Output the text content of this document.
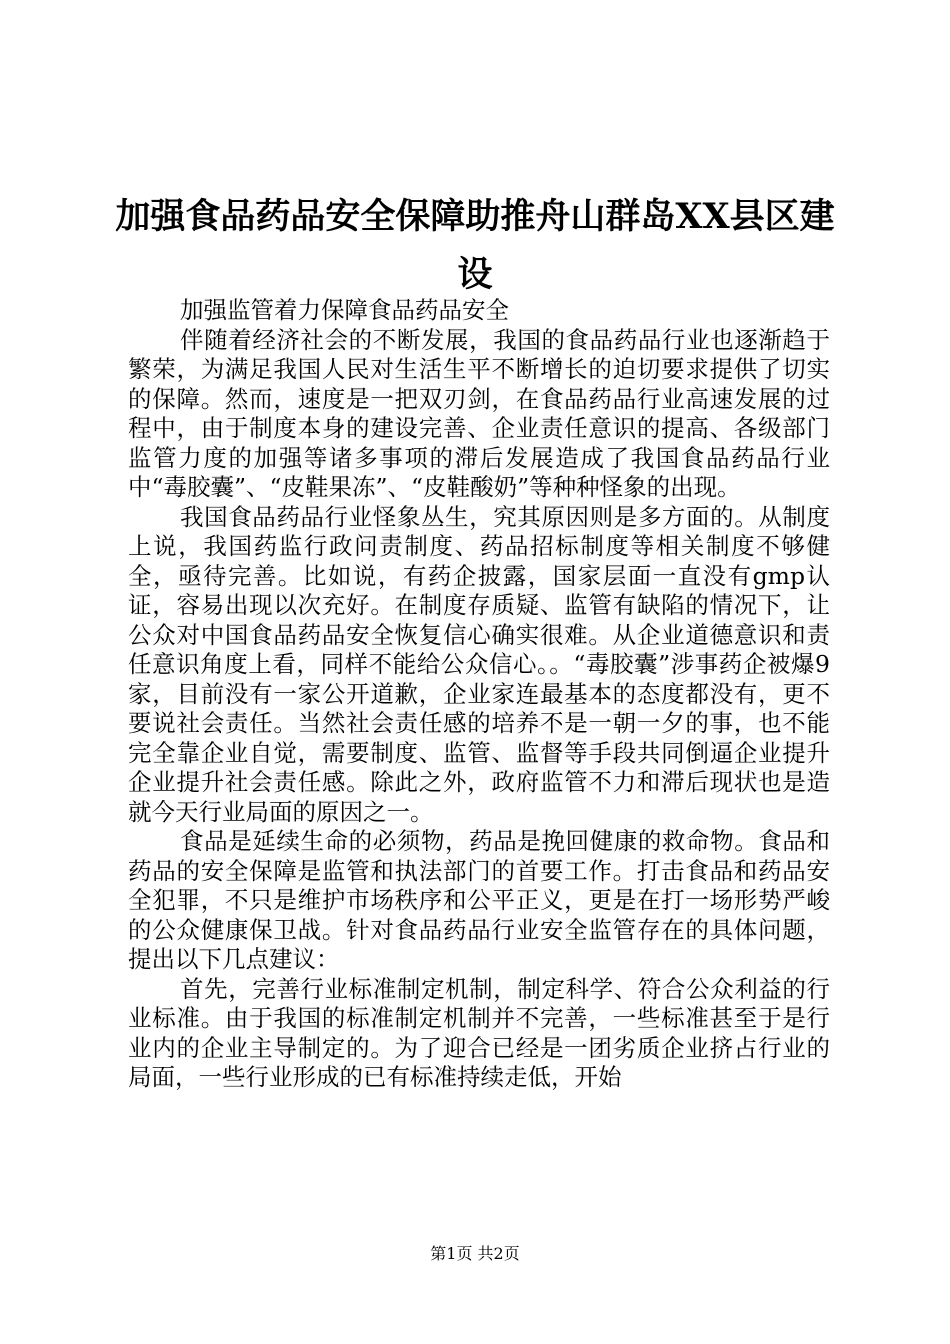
加强食品药品安全保障助推舟山群岛XX县区建设

加强监管着力保障食品药品安全

伴随着经济社会的不断发展，我国的食品药品行业也逐渐趋于繁荣，为满足我国人民对生活生平不断增长的迫切要求提供了切实的保障。然而，速度是一把双刃剑，在食品药品行业高速发展的过程中，由于制度本身的建设完善、企业责任意识的提高、各级部门监管力度的加强等诸多事项的滞后发展造成了我国食品药品行业中“毒胶囊”、“皮鞋果冻”、“皮鞋酸奶”等种种怪象的出现。

我国食品药品行业怪象丛生，究其原因则是多方面的。从制度上说，我国药监行政问责制度、药品招标制度等相关制度不够健全，亟待完善。比如说，有药企披露，国家层面一直没有gmp认证，容易出现以次充好。在制度存质疑、监管有缺陷的情况下，让公众对中国食品药品安全恢复信心确实很难。从企业道德意识和责任意识角度上看，同样不能给公众信心。。“毒胶囊”涉事药企被爆9家，目前没有一家公开道歉，企业家连最基本的态度都没有，更不要说社会责任。当然社会责任感的培养不是一朝一夕的事，也不能完全靠企业自觉，需要制度、监管、监督等手段共同倒逼企业提升企业提升社会责任感。除此之外，政府监管不力和滞后现状也是造就今天行业局面的原因之一。

食品是延续生命的必须物，药品是挽回健康的救命物。食品和药品的安全保障是监管和执法部门的首要工作。打击食品和药品安全犯罪，不只是维护市场秩序和公平正义，更是在打一场形势严峻的公众健康保卫战。针对食品药品行业安全监管存在的具体问题，提出以下几点建议：

首先，完善行业标准制定机制，制定科学、符合公众利益的行业标准。由于我国的标准制定机制并不完善，一些标准甚至于是行业内的企业主导制定的。为了迎合已经是一团劣质企业挤占行业的局面，一些行业形成的已有标准持续走低，开始

第1页 共2页
